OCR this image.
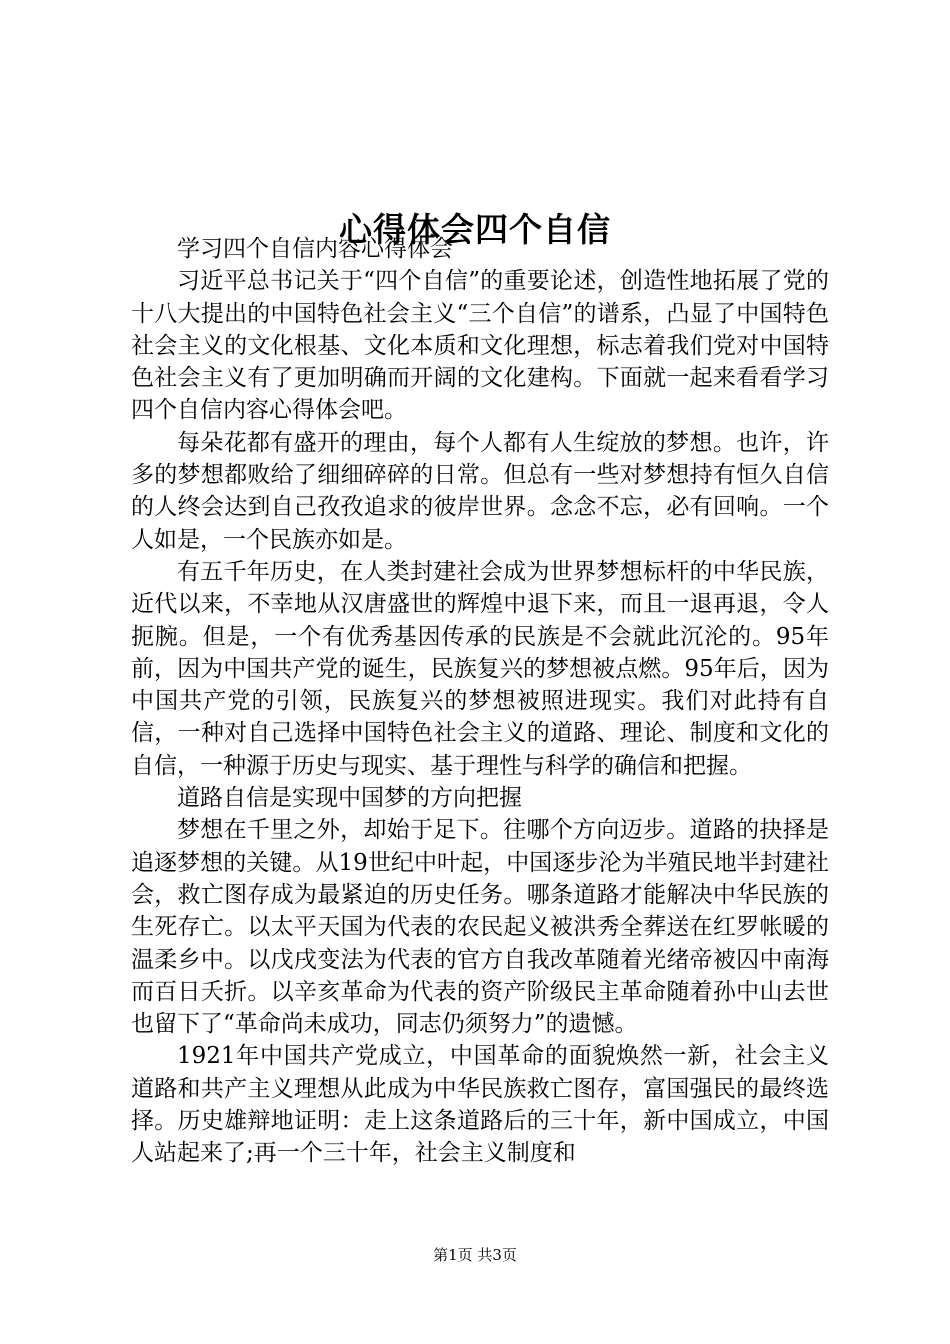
心得体会四个自信

学习四个自信内容心得体会

习近平总书记关于“四个自信”的重要论述，创造性地拓展了党的十八大提出的中国特色社会主义“三个自信”的谱系，凸显了中国特色社会主义的文化根基、文化本质和文化理想，标志着我们党对中国特色社会主义有了更加明确而开阔的文化建构。下面就一起来看看学习四个自信内容心得体会吧。

每朵花都有盛开的理由，每个人都有人生绽放的梦想。也许，许多的梦想都败给了细细碎碎的日常。但总有一些对梦想持有恒久自信的人终会达到自己孜孜追求的彼岸世界。念念不忘，必有回响。一个人如是，一个民族亦如是。

有五千年历史，在人类封建社会成为世界梦想标杆的中华民族，近代以来，不幸地从汉唐盛世的辉煌中退下来，而且一退再退，令人扼腕。但是，一个有优秀基因传承的民族是不会就此沉沦的。95年前，因为中国共产党的诞生，民族复兴的梦想被点燃。95年后，因为中国共产党的引领，民族复兴的梦想被照进现实。我们对此持有自信，一种对自己选择中国特色社会主义的道路、理论、制度和文化的自信，一种源于历史与现实、基于理性与科学的确信和把握。

道路自信是实现中国梦的方向把握

梦想在千里之外，却始于足下。往哪个方向迈步。道路的抉择是追逐梦想的关键。从19世纪中叶起，中国逐步沦为半殖民地半封建社会，救亡图存成为最紧迫的历史任务。哪条道路才能解决中华民族的生死存亡。以太平天国为代表的农民起义被洪秀全葬送在红罗帐暖的温柔乡中。以戊戌变法为代表的官方自我改革随着光绪帝被囚中南海而百日夭折。以辛亥革命为代表的资产阶级民主革命随着孙中山去世也留下了“革命尚未成功，同志仍须努力”的遗憾。

1921年中国共产党成立，中国革命的面貌焕然一新，社会主义道路和共产主义理想从此成为中华民族救亡图存，富国强民的最终选择。历史雄辩地证明：走上这条道路后的三十年，新中国成立，中国人站起来了;再一个三十年，社会主义制度和

第1页 共3页
